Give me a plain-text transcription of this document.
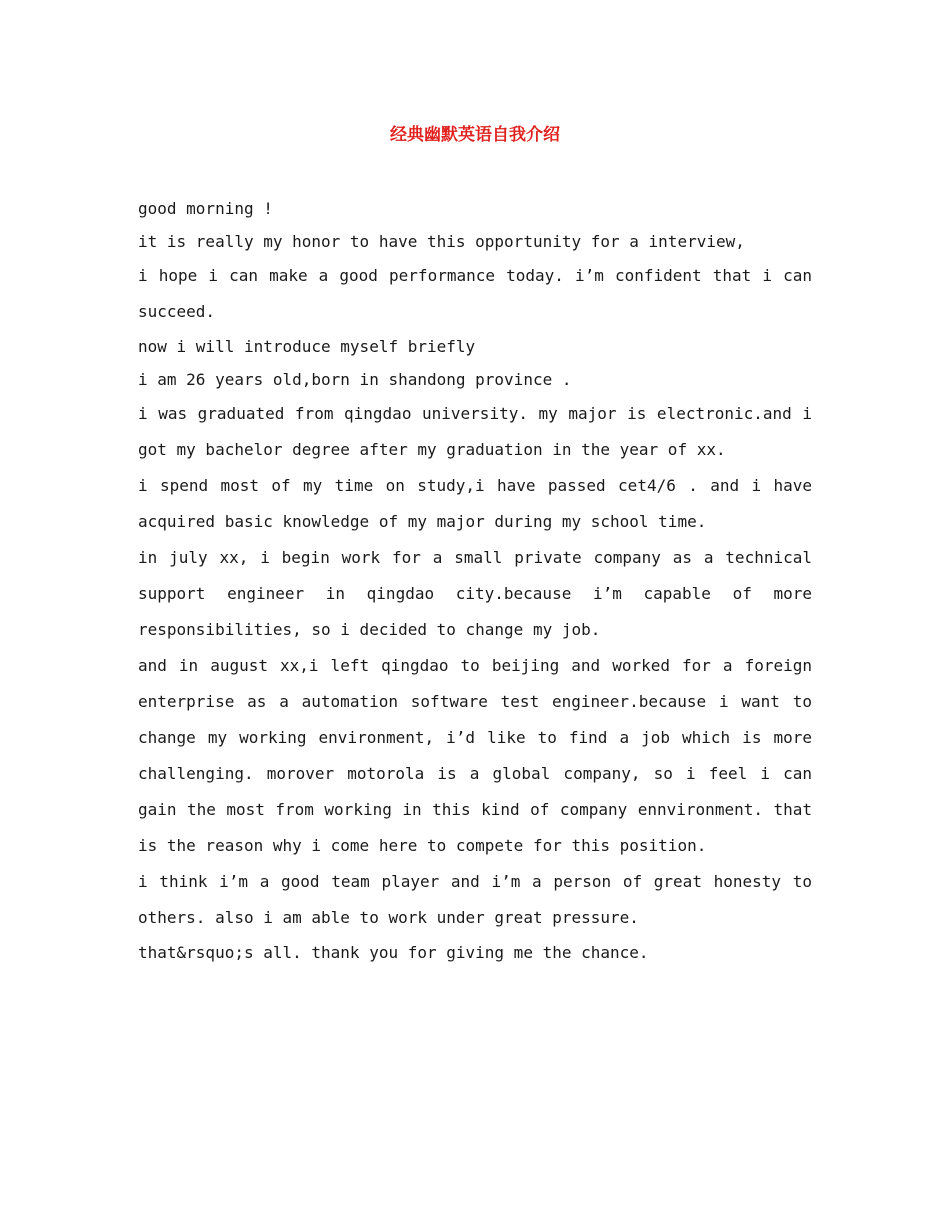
经典幽默英语自我介绍

good morning !

it is really my honor to have this opportunity for a interview,

i hope i can make a good performance today. i’m confident that i can succeed.

now i will introduce myself briefly

i am 26 years old,born in shandong province .

i was graduated from qingdao university. my major is electronic.and i got my bachelor degree after my graduation in the year of xx.

i spend most of my time on study,i have passed cet4/6 . and i have acquired basic knowledge of my major during my school time.

in july xx, i begin work for a small private company as a technical support engineer in qingdao city.because i’m capable of more responsibilities, so i decided to change my job.

and in august xx,i left qingdao to beijing and worked for a foreign enterprise as a automation software test engineer.because i want to change my working environment, i’d like to find a job which is more challenging. morover motorola is a global company, so i feel i can gain the most from working in this kind of company ennvironment. that is the reason why i come here to compete for this position.

i think i’m a good team player and i’m a person of great honesty to others. also i am able to work under great pressure.

that&rsquo;s all. thank you for giving me the chance.
